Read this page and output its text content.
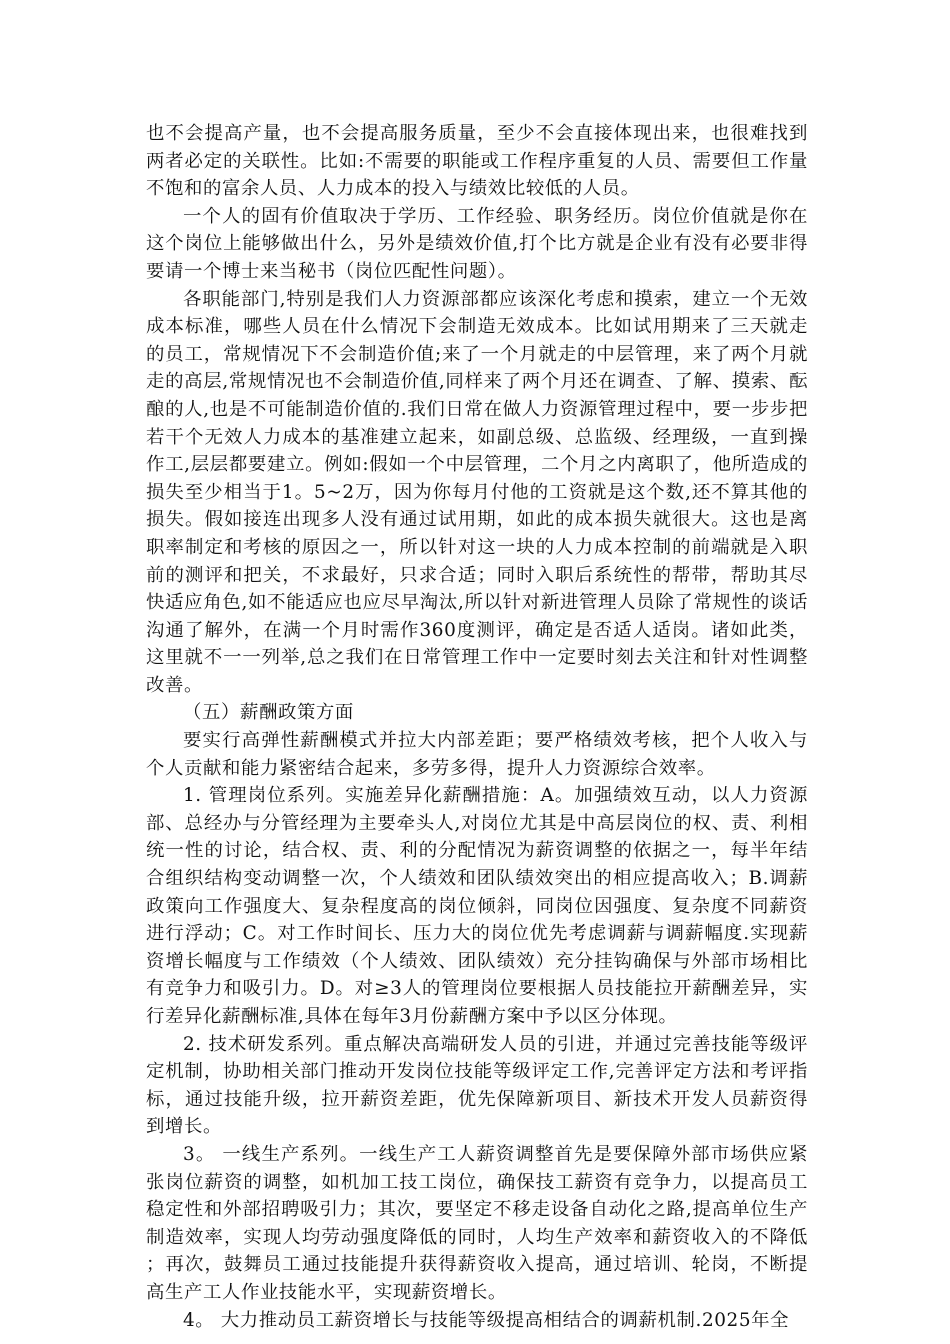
也不会提高产量，也不会提高服务质量，至少不会直接体现出来，也很难找到两者必定的关联性。比如:不需要的职能或工作程序重复的人员、需要但工作量不饱和的富余人员、人力成本的投入与绩效比较低的人员。

一个人的固有价值取决于学历、工作经验、职务经历。岗位价值就是你在这个岗位上能够做出什么，另外是绩效价值,打个比方就是企业有没有必要非得要请一个博士来当秘书（岗位匹配性问题）。

各职能部门,特别是我们人力资源部都应该深化考虑和摸索，建立一个无效成本标准，哪些人员在什么情况下会制造无效成本。比如试用期来了三天就走的员工，常规情况下不会制造价值;来了一个月就走的中层管理，来了两个月就走的高层,常规情况也不会制造价值,同样来了两个月还在调查、了解、摸索、酝酿的人,也是不可能制造价值的.我们日常在做人力资源管理过程中，要一步步把若干个无效人力成本的基准建立起来，如副总级、总监级、经理级，一直到操作工,层层都要建立。例如:假如一个中层管理，二个月之内离职了，他所造成的损失至少相当于1。5~2万，因为你每月付他的工资就是这个数,还不算其他的损失。假如接连出现多人没有通过试用期，如此的成本损失就很大。这也是离职率制定和考核的原因之一，所以针对这一块的人力成本控制的前端就是入职前的测评和把关，不求最好，只求合适；同时入职后系统性的帮带，帮助其尽快适应角色,如不能适应也应尽早淘汰,所以针对新进管理人员除了常规性的谈话沟通了解外，在满一个月时需作360度测评，确定是否适人适岗。诸如此类，这里就不一一列举,总之我们在日常管理工作中一定要时刻去关注和针对性调整改善。

（五）薪酬政策方面

要实行高弹性薪酬模式并拉大内部差距；要严格绩效考核，把个人收入与个人贡献和能力紧密结合起来，多劳多得，提升人力资源综合效率。

1. 管理岗位系列。实施差异化薪酬措施：A。加强绩效互动，以人力资源部、总经办与分管经理为主要牵头人,对岗位尤其是中高层岗位的权、责、利相统一性的讨论，结合权、责、利的分配情况为薪资调整的依据之一，每半年结合组织结构变动调整一次，个人绩效和团队绩效突出的相应提高收入；B.调薪政策向工作强度大、复杂程度高的岗位倾斜，同岗位因强度、复杂度不同薪资进行浮动；C。对工作时间长、压力大的岗位优先考虑调薪与调薪幅度.实现薪资增长幅度与工作绩效（个人绩效、团队绩效）充分挂钩确保与外部市场相比有竞争力和吸引力。D。对≥3人的管理岗位要根据人员技能拉开薪酬差异，实行差异化薪酬标准,具体在每年3月份薪酬方案中予以区分体现。

2. 技术研发系列。重点解决高端研发人员的引进，并通过完善技能等级评定机制，协助相关部门推动开发岗位技能等级评定工作,完善评定方法和考评指标，通过技能升级，拉开薪资差距，优先保障新项目、新技术开发人员薪资得到增长。

3。 一线生产系列。一线生产工人薪资调整首先是要保障外部市场供应紧张岗位薪资的调整，如机加工技工岗位，确保技工薪资有竞争力，以提高员工稳定性和外部招聘吸引力；其次，要坚定不移走设备自动化之路,提高单位生产制造效率，实现人均劳动强度降低的同时，人均生产效率和薪资收入的不降低；再次，鼓舞员工通过技能提升获得薪资收入提高，通过培训、轮岗，不断提高生产工人作业技能水平，实现薪资增长。

4。 大力推动员工薪资增长与技能等级提高相结合的调薪机制.2025年全
